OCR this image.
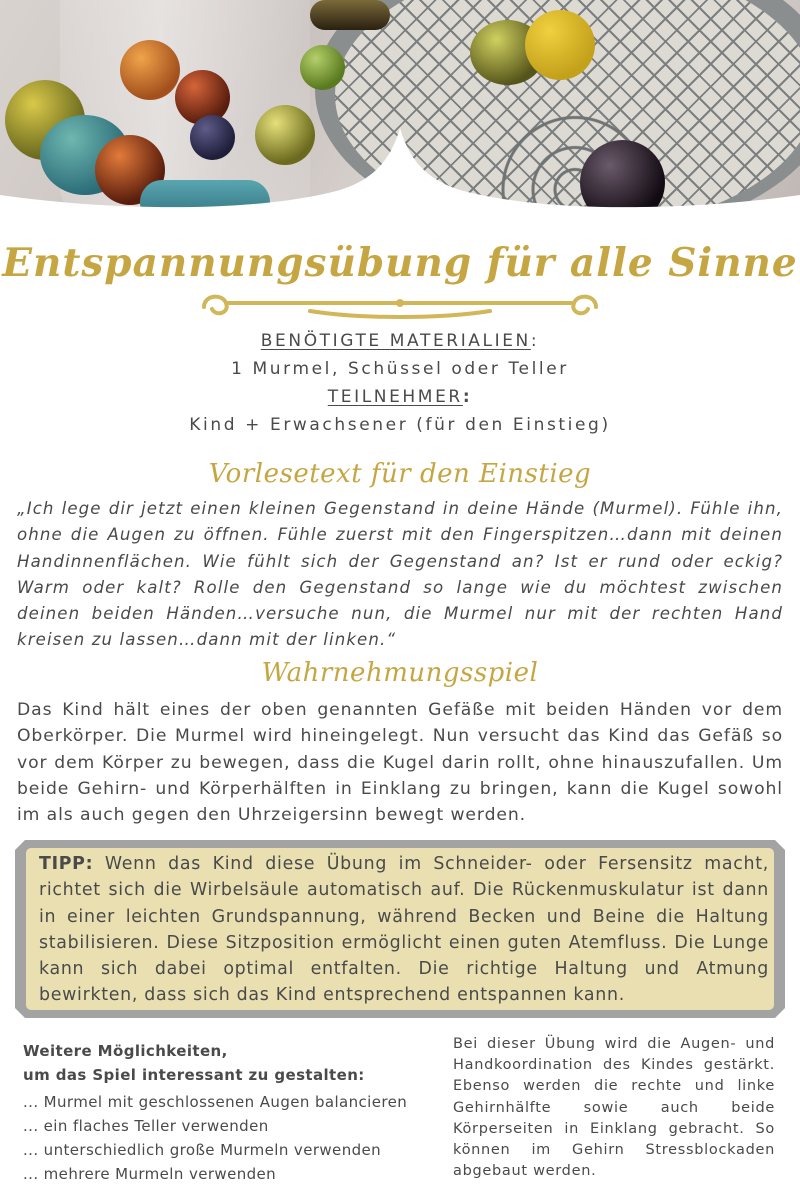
Entspannungsübung für alle Sinne
BENÖTIGTE MATERIALIEN:
1 Murmel, Schüssel oder Teller
TEILNEHMER:
Kind + Erwachsener (für den Einstieg)
Vorlesetext für den Einstieg

„Ich lege dir jetzt einen kleinen Gegenstand in deine Hände (Murmel). Fühle ihn, ohne die Augen zu öffnen. Fühle zuerst mit den Fingerspitzen…dann mit deinen Handinnenflächen. Wie fühlt sich der Gegenstand an? Ist er rund oder eckig? Warm oder kalt? Rolle den Gegenstand so lange wie du möchtest zwischen deinen beiden Händen…versuche nun, die Murmel nur mit der rechten Hand kreisen zu lassen…dann mit der linken.“

Wahrnehmungsspiel

Das Kind hält eines der oben genannten Gefäße mit beiden Händen vor dem Oberkörper. Die Murmel wird hineingelegt. Nun versucht das Kind das Gefäß so vor dem Körper zu bewegen, dass die Kugel darin rollt, ohne hinauszufallen. Um beide Gehirn- und Körperhälften in Einklang zu bringen, kann die Kugel sowohl im als auch gegen den Uhrzeigersinn bewegt werden.

TIPP: Wenn das Kind diese Übung im Schneider- oder Fersensitz macht, richtet sich die Wirbelsäule automatisch auf. Die Rückenmuskulatur ist dann in einer leichten Grundspannung, während Becken und Beine die Haltung stabilisieren. Diese Sitzposition ermöglicht einen guten Atemfluss. Die Lunge kann sich dabei optimal entfalten. Die richtige Haltung und Atmung bewirkten, dass sich das Kind entsprechend entspannen kann.

Weitere Möglichkeiten,
um das Spiel interessant zu gestalten:
... Murmel mit geschlossenen Augen balancieren
... ein flaches Teller verwenden
... unterschiedlich große Murmeln verwenden
... mehrere Murmeln verwenden

Bei dieser Übung wird die Augen- und Handkoordination des Kindes gestärkt. Ebenso werden die rechte und linke Gehirnhälfte sowie auch beide Körperseiten in Einklang gebracht. So können im Gehirn Stressblockaden abgebaut werden.
